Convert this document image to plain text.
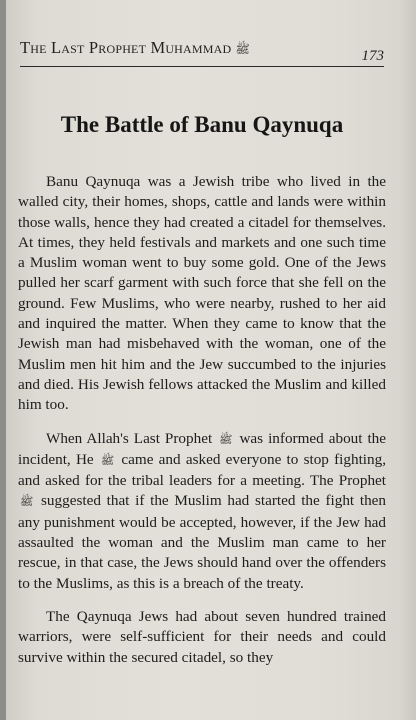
The Last Prophet Muhammad ﷺ	173
The Battle of Banu Qaynuqa

Banu Qaynuqa was a Jewish tribe who lived in the walled city, their homes, shops, cattle and lands were within those walls, hence they had created a citadel for themselves. At times, they held festivals and markets and one such time a Muslim woman went to buy some gold. One of the Jews pulled her scarf garment with such force that she fell on the ground. Few Muslims, who were nearby, rushed to her aid and inquired the matter. When they came to know that the Jewish man had misbehaved with the woman, one of the Muslim men hit him and the Jew succumbed to the injuries and died. His Jewish fellows attacked the Muslim and killed him too.

When Allah's Last Prophet ﷺ was informed about the incident, He ﷺ came and asked everyone to stop fighting, and asked for the tribal leaders for a meeting. The Prophet ﷺ suggested that if the Muslim had started the fight then any punishment would be accepted, however, if the Jew had assaulted the woman and the Muslim man came to her rescue, in that case, the Jews should hand over the offenders to the Muslims, as this is a breach of the treaty.

The Qaynuqa Jews had about seven hundred trained warriors, were self-sufficient for their needs and could survive within the secured citadel, so they
